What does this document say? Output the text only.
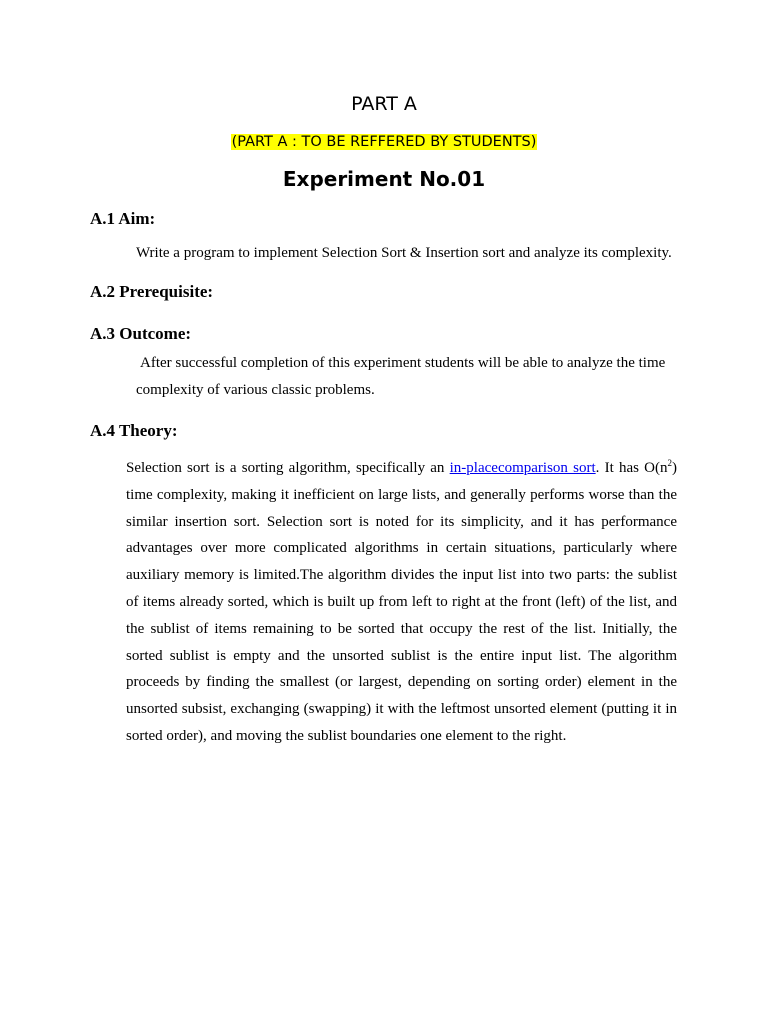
PART A
(PART A : TO BE REFFERED BY STUDENTS)
Experiment No.01
A.1 Aim:
Write a program to implement Selection Sort & Insertion sort and analyze its complexity.
A.2 Prerequisite:
A.3 Outcome:

After successful completion of this experiment students will be able to analyze the time

complexity of various classic problems.

A.4 Theory:

Selection sort is a sorting algorithm, specifically an in-placecomparison sort. It has $O(n^2)$ time complexity, making it inefficient on large lists, and generally performs worse than the similar insertion sort. Selection sort is noted for its simplicity, and it has performance advantages over more complicated algorithms in certain situations, particularly where auxiliary memory is limited.The algorithm divides the input list into two parts: the sublist of items already sorted, which is built up from left to right at the front (left) of the list, and the sublist of items remaining to be sorted that occupy the rest of the list. Initially, the sorted sublist is empty and the unsorted sublist is the entire input list. The algorithm proceeds by finding the smallest (or largest, depending on sorting order) element in the unsorted subsist, exchanging (swapping) it with the leftmost unsorted element (putting it in sorted order), and moving the sublist boundaries one element to the right.
